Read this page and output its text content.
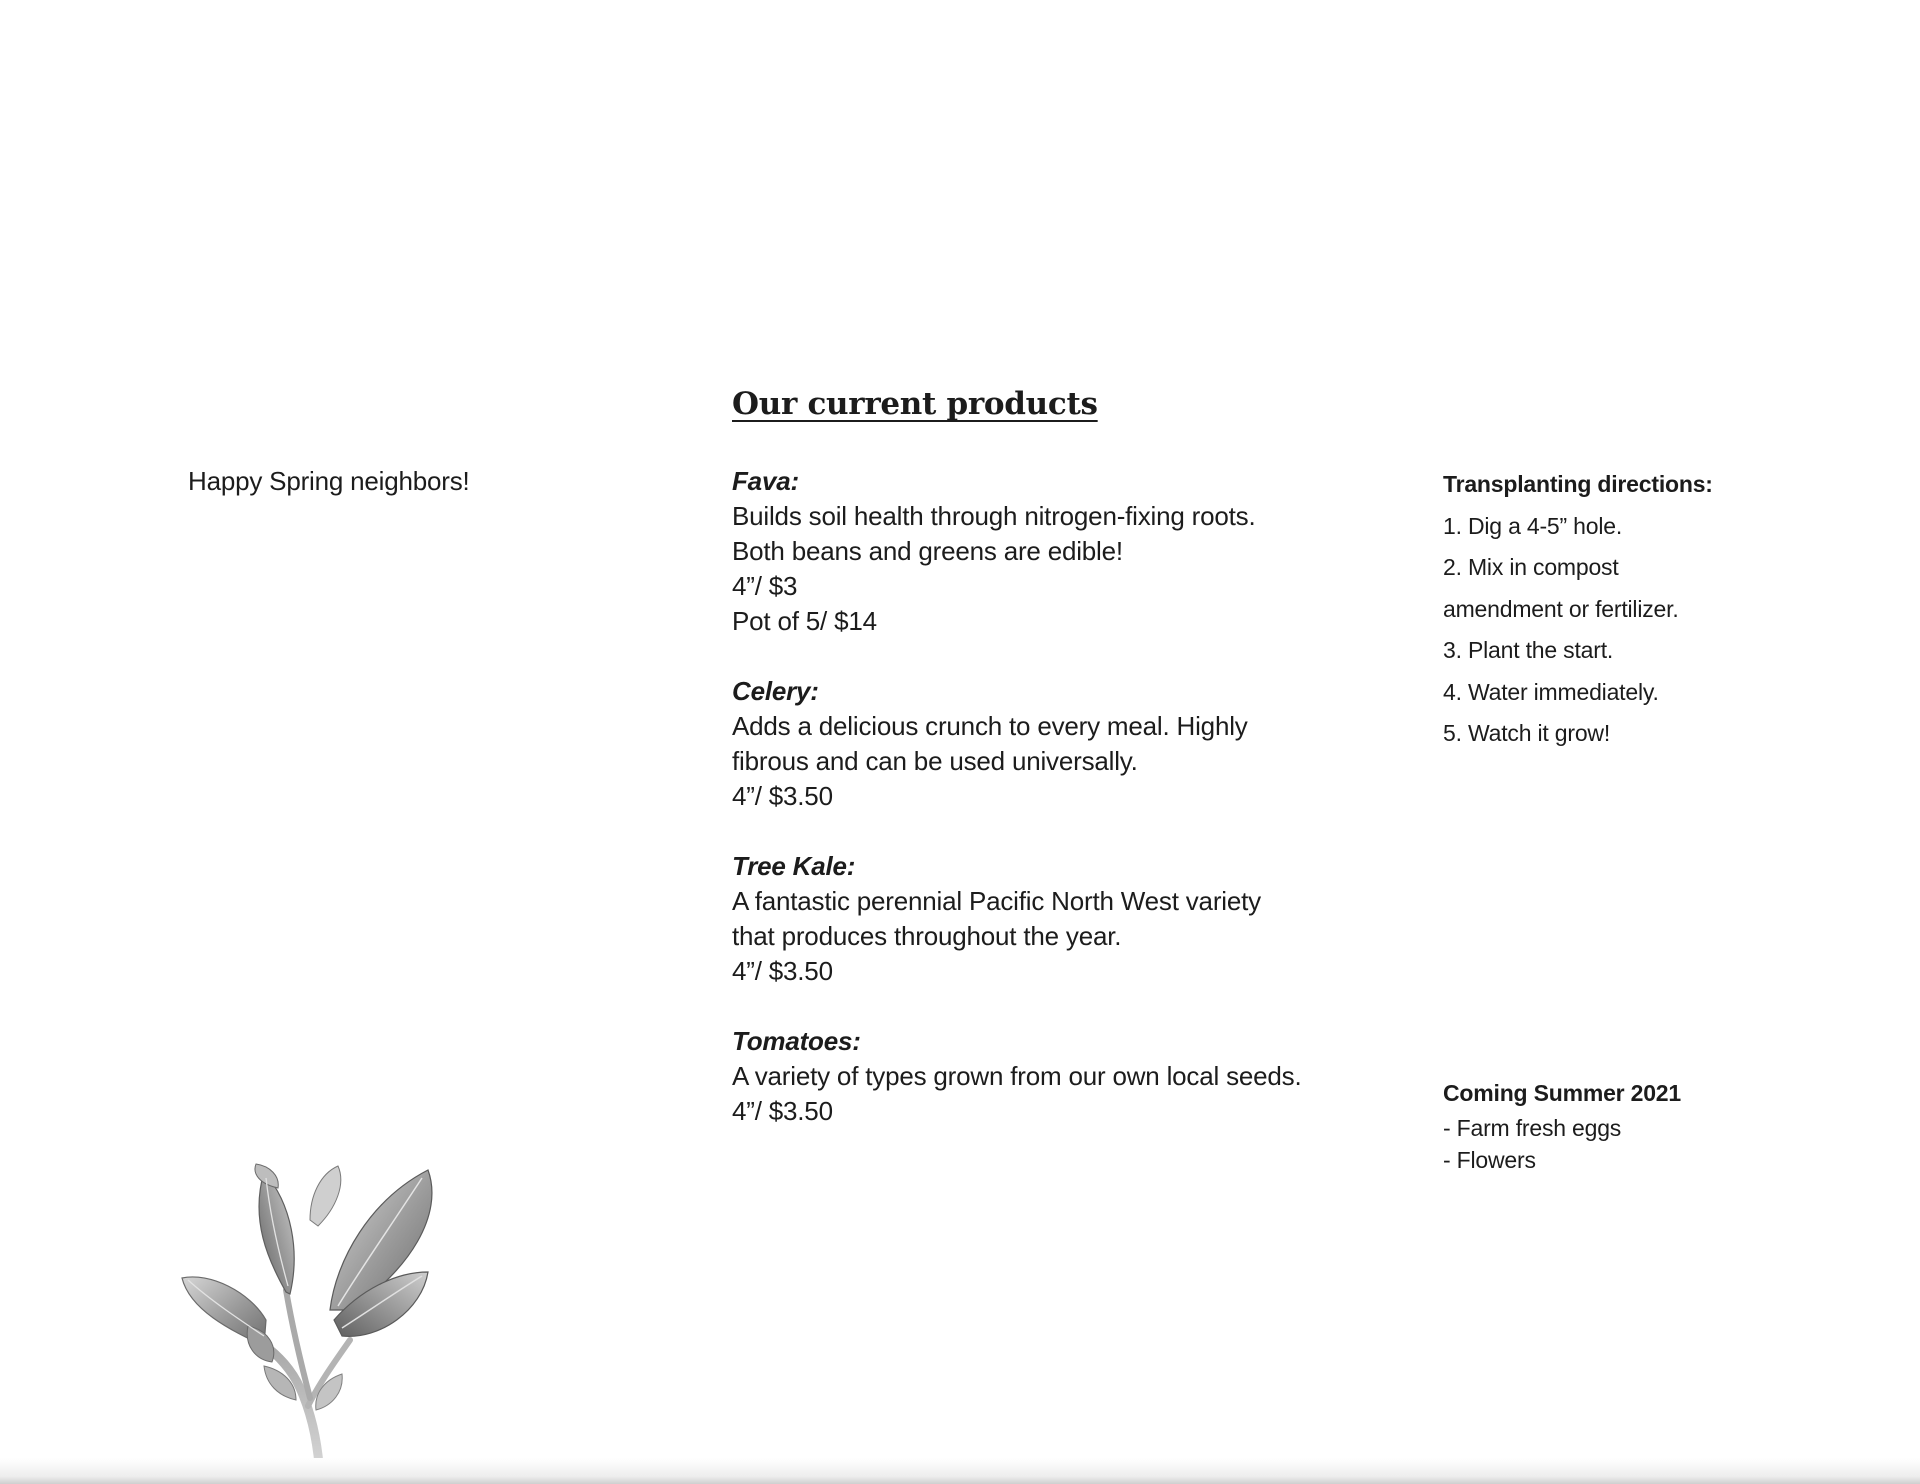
Happy Spring neighbors!
Our current products
Fava:
Builds soil health through nitrogen-fixing roots.
Both beans and greens are edible!
4”/ $3
Pot of 5/ $14
Celery:
Adds a delicious crunch to every meal. Highly
fibrous and can be used universally.
4”/ $3.50
Tree Kale:
A fantastic perennial Pacific North West variety
that produces throughout the year.
4”/ $3.50
Tomatoes:
A variety of types grown from our own local seeds.
4”/ $3.50
Transplanting directions:
1. Dig a 4-5” hole.
2. Mix in compost
amendment or fertilizer.
3. Plant the start.
4. Water immediately.
5. Watch it grow!
Coming Summer 2021
- Farm fresh eggs
- Flowers
